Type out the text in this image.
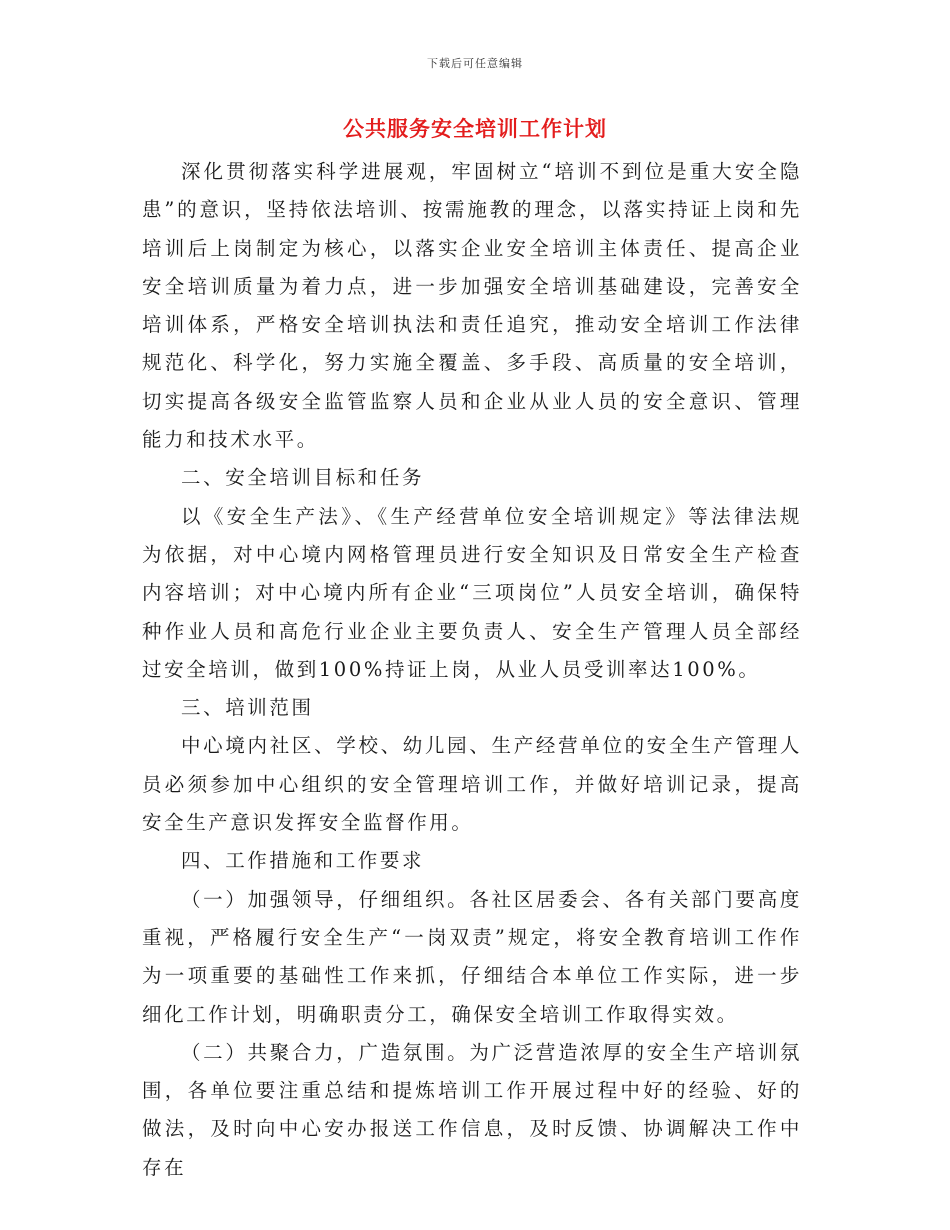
下载后可任意编辑
公共服务安全培训工作计划

深化贯彻落实科学进展观，牢固树立“培训不到位是重大安全隐患”的意识，坚持依法培训、按需施教的理念，以落实持证上岗和先培训后上岗制定为核心，以落实企业安全培训主体责任、提高企业安全培训质量为着力点，进一步加强安全培训基础建设，完善安全培训体系，严格安全培训执法和责任追究，推动安全培训工作法律规范化、科学化，努力实施全覆盖、多手段、高质量的安全培训，切实提高各级安全监管监察人员和企业从业人员的安全意识、管理能力和技术水平。

二、安全培训目标和任务

以《安全生产法》、《生产经营单位安全培训规定》等法律法规为依据，对中心境内网格管理员进行安全知识及日常安全生产检查内容培训；对中心境内所有企业“三项岗位”人员安全培训，确保特种作业人员和高危行业企业主要负责人、安全生产管理人员全部经过安全培训，做到100%持证上岗，从业人员受训率达100%。

三、培训范围

中心境内社区、学校、幼儿园、生产经营单位的安全生产管理人员必须参加中心组织的安全管理培训工作，并做好培训记录，提高安全生产意识发挥安全监督作用。

四、工作措施和工作要求

（一）加强领导，仔细组织。各社区居委会、各有关部门要高度重视，严格履行安全生产“一岗双责”规定，将安全教育培训工作作为一项重要的基础性工作来抓，仔细结合本单位工作实际，进一步细化工作计划，明确职责分工，确保安全培训工作取得实效。

（二）共聚合力，广造氛围。为广泛营造浓厚的安全生产培训氛围，各单位要注重总结和提炼培训工作开展过程中好的经验、好的做法，及时向中心安办报送工作信息，及时反馈、协调解决工作中存在
